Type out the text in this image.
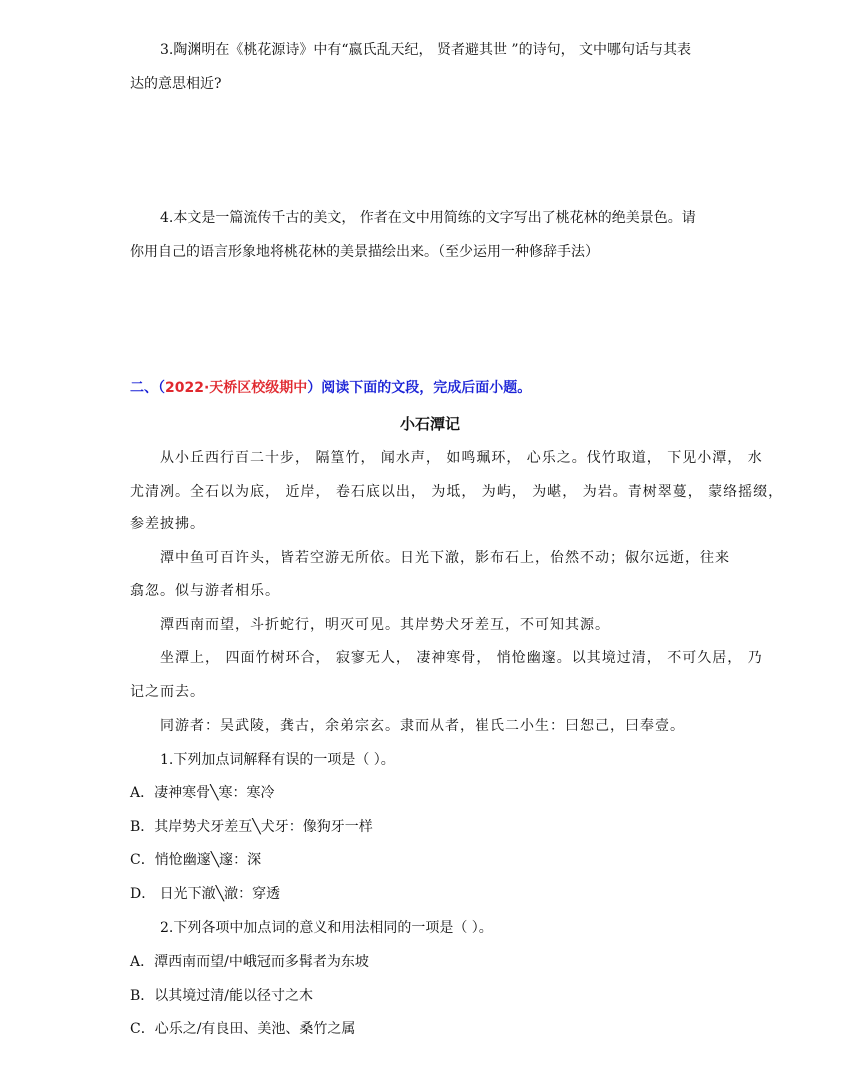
3.陶渊明在《桃花源诗》中有“嬴氏乱天纪， 贤者避其世 ”的诗句， 文中哪句话与其表
达的意思相近?
4.本文是一篇流传千古的美文， 作者在文中用简练的文字写出了桃花林的绝美景色。请
你用自己的语言形象地将桃花林的美景描绘出来。（至少运用一种修辞手法）
二、（2022·天桥区校级期中）阅读下面的文段，完成后面小题。
小石潭记
从小丘西行百二十步， 隔篁竹， 闻水声， 如鸣珮环， 心乐之。伐竹取道， 下见小潭， 水
尤清冽。全石以为底， 近岸， 卷石底以出， 为坻， 为屿， 为嵁， 为岩。青树翠蔓， 蒙络摇缀，
参差披拂。
潭中鱼可百许头，皆若空游无所依。日光下澈，影布石上，佁然不动；俶尔远逝，往来
翕忽。似与游者相乐。
潭西南而望，斗折蛇行，明灭可见。其岸势犬牙差互，不可知其源。
坐潭上， 四面竹树环合， 寂寥无人， 凄神寒骨， 悄怆幽邃。以其境过清， 不可久居， 乃
记之而去。
同游者：吴武陵，龚古，余弟宗玄。隶而从者，崔氏二小生：曰恕己，曰奉壹。
1.下列加点词解释有误的一项是（ ）。
A．凄神寒骨╲寒：寒冷
B．其岸势犬牙差互╲犬牙：像狗牙一样
C．悄怆幽邃╲邃：深
D． 日光下澈╲澈：穿透
2.下列各项中加点词的意义和用法相同的一项是（ ）。
A．潭西南而望/中峨冠而多髯者为东坡
B．以其境过清/能以径寸之木
C．心乐之/有良田、美池、桑竹之属
